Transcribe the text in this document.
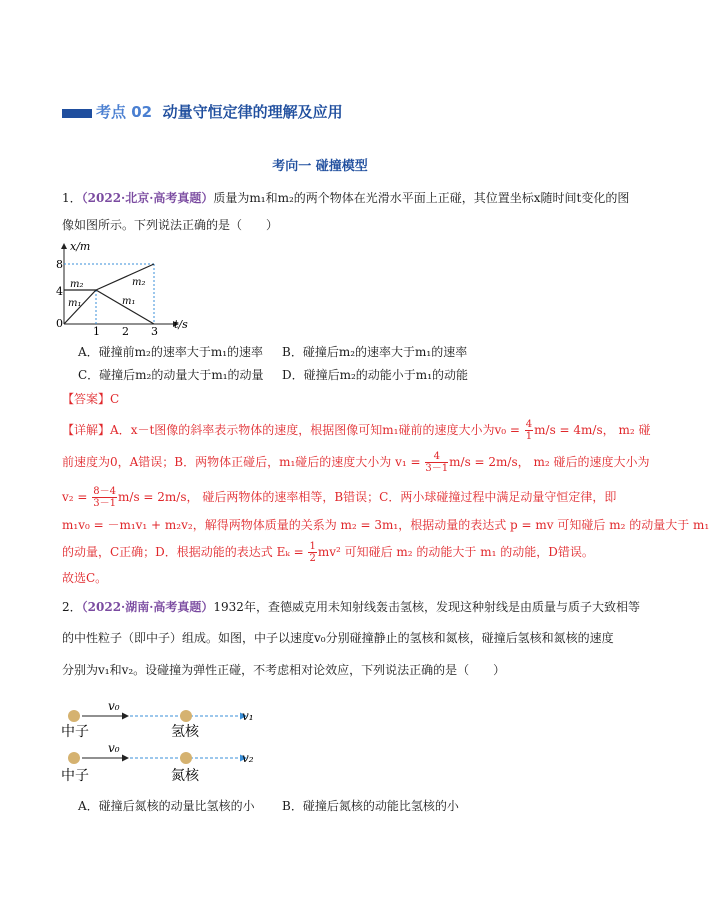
考点 02 动量守恒定律的理解及应用
考向一 碰撞模型
1．（2022·北京·高考真题）质量为m₁和m₂的两个物体在光滑水平面上正碰，其位置坐标x随时间t变化的图
像如图所示。下列说法正确的是（　　）
x/m
t/s
8
4
0
1 2 3
m₂
m₁
m₂
m₁
A．碰撞前m₂的速率大于m₁的速率 B．碰撞后m₂的速率大于m₁的速率
C．碰撞后m₂的动量大于m₁的动量 D．碰撞后m₂的动能小于m₁的动能
【答案】C
【详解】A．x－t图像的斜率表示物体的速度，根据图像可知m₁碰前的速度大小为$v_0 = \frac{4}{1} m/s = 4m/s$， m₂ 碰
前速度为0，A错误；B．两物体正碰后，m₁碰后的速度大小为 $v_1 = \frac{4}{3-1} m/s = 2m/s$， m₂ 碰后的速度大小为
$v_2 = \frac{8-4}{3-1} m/s = 2m/s$， 碰后两物体的速率相等，B错误；C．两小球碰撞过程中满足动量守恒定律，即
m₁v₀ = －m₁v₁ + m₂v₂，解得两物体质量的关系为 m₂ = 3m₁，根据动量的表达式 p = mv 可知碰后 m₂ 的动量大于 m₁
的动量，C正确；D．根据动能的表达式 $E_k = \frac{1}{2} mv^2$ 可知碰后 m₂ 的动能大于 m₁ 的动能，D错误。
故选C。
2．（2022·湖南·高考真题）1932年，查德威克用未知射线轰击氢核，发现这种射线是由质量与质子大致相等
的中性粒子（即中子）组成。如图，中子以速度v₀分别碰撞静止的氢核和氮核，碰撞后氢核和氮核的速度
分别为v₁和v₂。设碰撞为弹性正碰，不考虑相对论效应，下列说法正确的是（　　）
v₀
v₁
中子	氢核
v₀
v₂
中子	氮核
A．碰撞后氮核的动量比氢核的小 B．碰撞后氮核的动能比氢核的小
